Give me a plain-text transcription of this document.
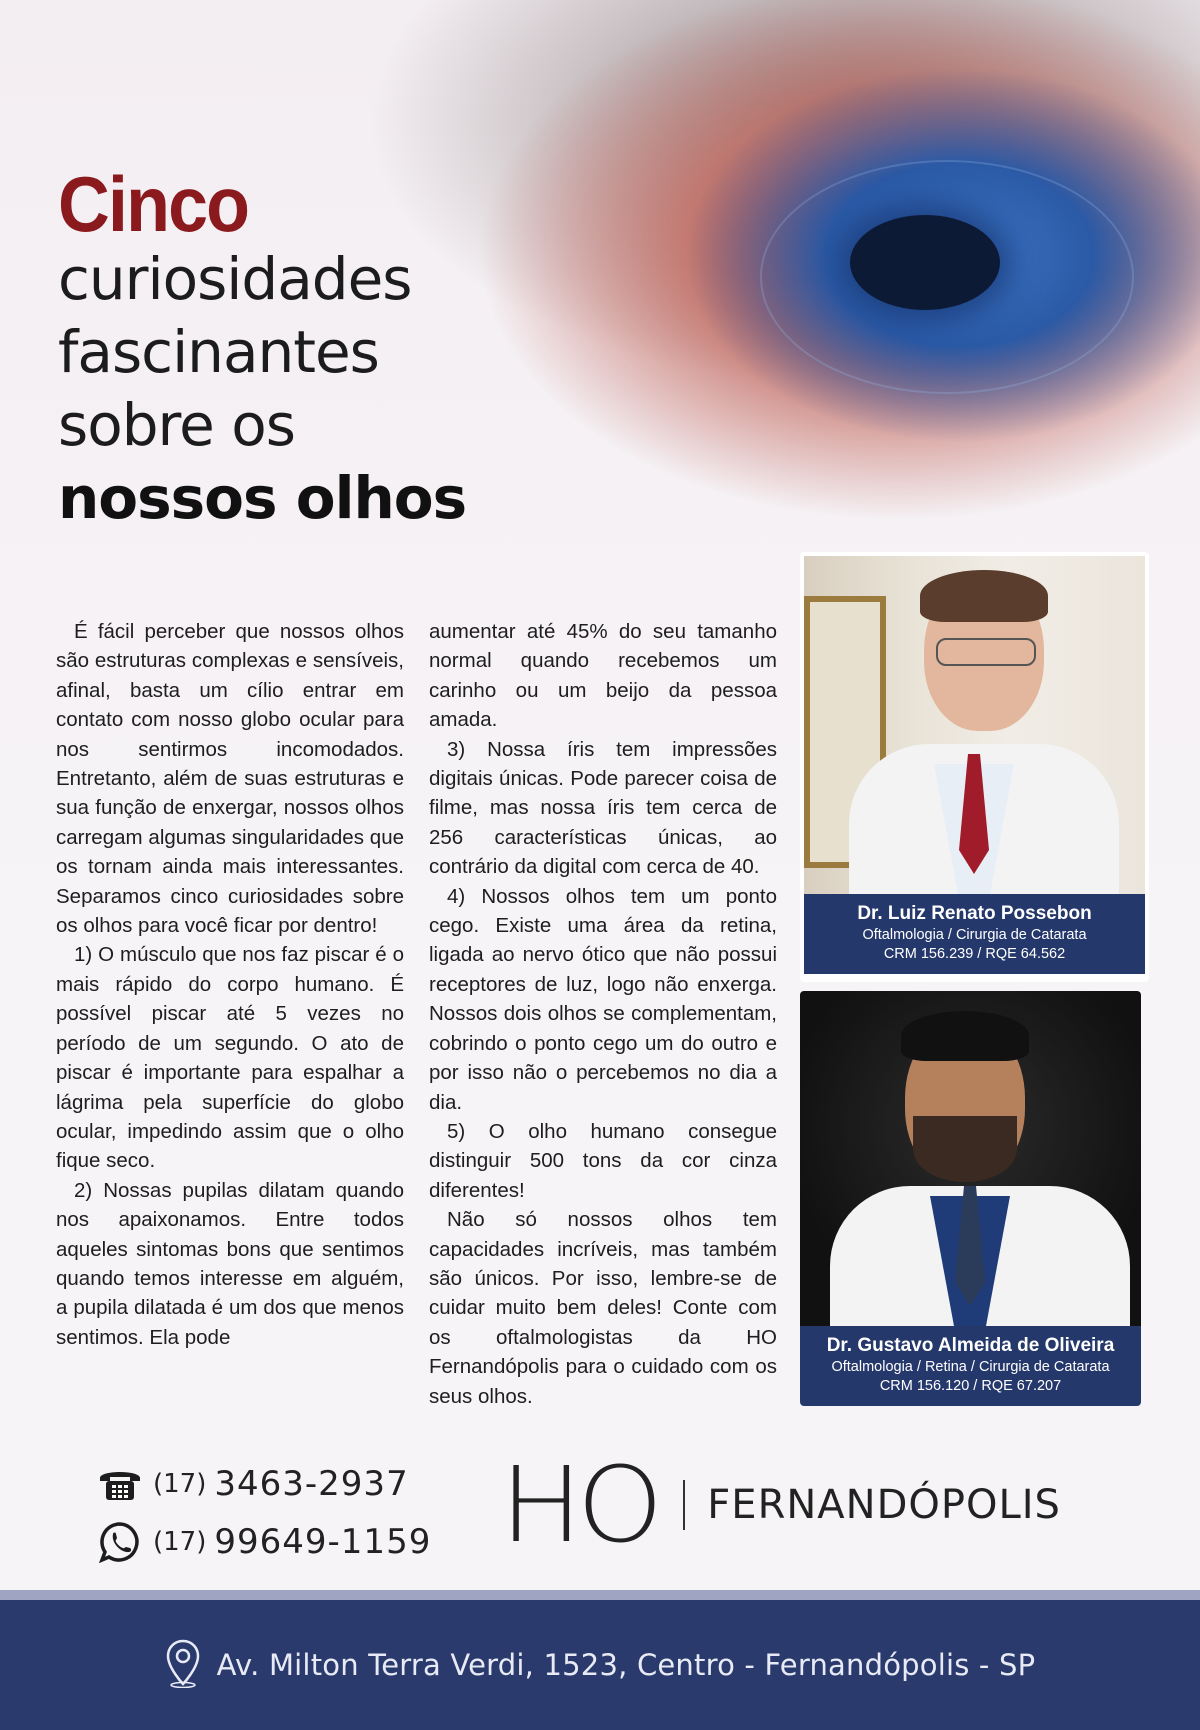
Cinco
curiosidades
fascinantes
sobre os
nossos olhos

É fácil perceber que nossos olhos são estruturas complexas e sensíveis, afinal, basta um cílio entrar em contato com nosso globo ocular para nos sentirmos incomodados. Entretanto, além de suas estruturas e sua função de enxergar, nossos olhos carregam algumas singularidades que os tornam ainda mais interessantes. Separamos cinco curiosidades sobre os olhos para você ficar por dentro!

1) O músculo que nos faz piscar é o mais rápido do corpo humano. É possível piscar até 5 vezes no período de um segundo. O ato de piscar é importante para espalhar a lágrima pela superfície do globo ocular, impedindo assim que o olho fique seco.

2) Nossas pupilas dilatam quando nos apaixonamos. Entre todos aqueles sintomas bons que sentimos quando temos interesse em alguém, a pupila dilatada é um dos que menos sentimos. Ela pode

aumentar até 45% do seu tamanho normal quando recebemos um carinho ou um beijo da pessoa amada.

3) Nossa íris tem impressões digitais únicas. Pode parecer coisa de filme, mas nossa íris tem cerca de 256 características únicas, ao contrário da digital com cerca de 40.

4) Nossos olhos tem um ponto cego. Existe uma área da retina, ligada ao nervo ótico que não possui receptores de luz, logo não enxerga. Nossos dois olhos se complementam, cobrindo o ponto cego um do outro e por isso não o percebemos no dia a dia.

5) O olho humano consegue distinguir 500 tons da cor cinza diferentes!

Não só nossos olhos tem capacidades incríveis, mas também são únicos. Por isso, lembre-se de cuidar muito bem deles! Conte com os oftalmologistas da HO Fernandópolis para o cuidado com os seus olhos.

Dr. Luiz Renato Possebon
Oftalmologia / Cirurgia de Catarata
CRM 156.239 / RQE 64.562
Dr. Gustavo Almeida de Oliveira
Oftalmologia / Retina / Cirurgia de Catarata
CRM 156.120 / RQE 67.207
(17) 3463-2937
(17) 99649-1159 HO FERNANDÓPOLIS
Av. Milton Terra Verdi, 1523, Centro - Fernandópolis - SP
